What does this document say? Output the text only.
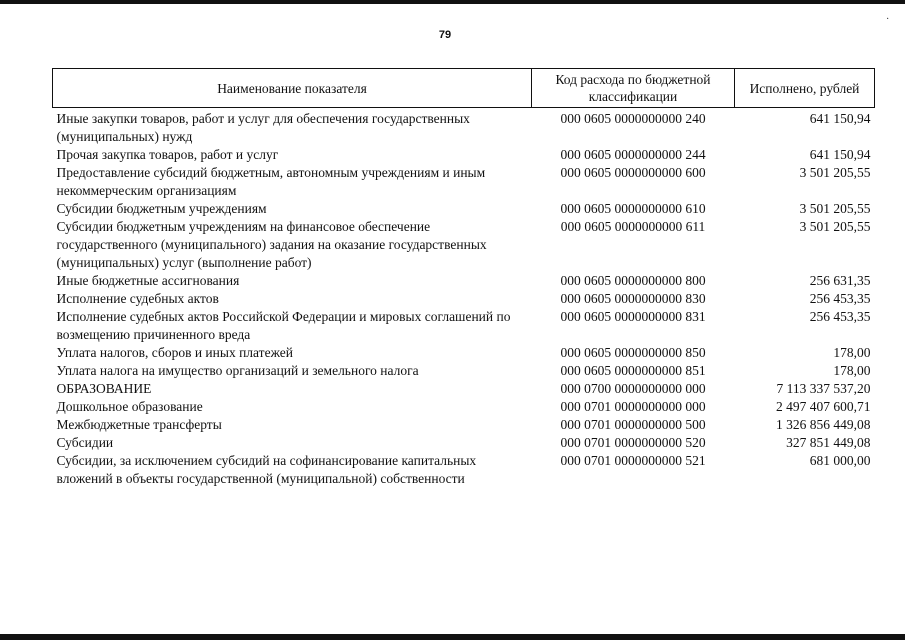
·
79
Наименование показателя	Код расхода по бюджетной классификации	Исполнено, рублей
Иные закупки товаров, работ и услуг для обеспечения государственных (муниципальных) нужд	000 0605 0000000000 240	641 150,94
Прочая закупка товаров, работ и услуг	000 0605 0000000000 244	641 150,94
Предоставление субсидий бюджетным, автономным учреждениям и иным некоммерческим организациям	000 0605 0000000000 600	3 501 205,55
Субсидии бюджетным учреждениям	000 0605 0000000000 610	3 501 205,55
Субсидии бюджетным учреждениям на финансовое обеспечение государственного (муниципального) задания на оказание государственных (муниципальных) услуг (выполнение работ)	000 0605 0000000000 611	3 501 205,55
Иные бюджетные ассигнования	000 0605 0000000000 800	256 631,35
Исполнение судебных актов	000 0605 0000000000 830	256 453,35
Исполнение судебных актов Российской Федерации и мировых соглашений по возмещению причиненного вреда	000 0605 0000000000 831	256 453,35
Уплата налогов, сборов и иных платежей	000 0605 0000000000 850	178,00
Уплата налога на имущество организаций и земельного налога	000 0605 0000000000 851	178,00
ОБРАЗОВАНИЕ	000 0700 0000000000 000	7 113 337 537,20
Дошкольное образование	000 0701 0000000000 000	2 497 407 600,71
Межбюджетные трансферты	000 0701 0000000000 500	1 326 856 449,08
Субсидии	000 0701 0000000000 520	327 851 449,08
Субсидии, за исключением субсидий на софинансирование капитальных вложений в объекты государственной (муниципальной) собственности	000 0701 0000000000 521	681 000,00
